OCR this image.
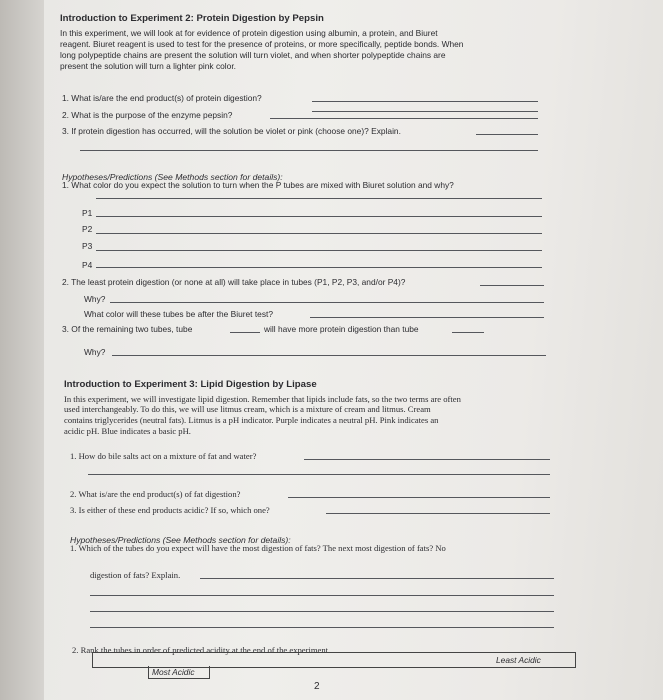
Introduction to Experiment 2: Protein Digestion by Pepsin
In this experiment, we will look at for evidence of protein digestion using albumin, a protein, and Biuret
reagent. Biuret reagent is used to test for the presence of proteins, or more specifically, peptide bonds. When
long polypeptide chains are present the solution will turn violet, and when shorter polypeptide chains are
present the solution will turn a lighter pink color.
1. What is/are the end product(s) of protein digestion?
2. What is the purpose of the enzyme pepsin?
3. If protein digestion has occurred, will the solution be violet or pink (choose one)? Explain.
Hypotheses/Predictions (See Methods section for details):
1. What color do you expect the solution to turn when the P tubes are mixed with Biuret solution and why?
P1
P2
P3
P4
2. The least protein digestion (or none at all) will take place in tubes (P1, P2, P3, and/or P4)?
Why?
What color will these tubes be after the Biuret test?
3. Of the remaining two tubes, tube	will have more protein digestion than tube
Why?
Introduction to Experiment 3: Lipid Digestion by Lipase
In this experiment, we will investigate lipid digestion. Remember that lipids include fats, so the two terms are often
used interchangeably. To do this, we will use litmus cream, which is a mixture of cream and litmus. Cream
contains triglycerides (neutral fats). Litmus is a pH indicator. Purple indicates a neutral pH. Pink indicates an
acidic pH. Blue indicates a basic pH.
1. How do bile salts act on a mixture of fat and water?
2. What is/are the end product(s) of fat digestion?
3. Is either of these end products acidic? If so, which one?
Hypotheses/Predictions (See Methods section for details):
1. Which of the tubes do you expect will have the most digestion of fats? The next most digestion of fats? No
digestion of fats? Explain.
2. Rank the tubes in order of predicted acidity at the end of the experiment.
Most Acidic
Least Acidic
2
